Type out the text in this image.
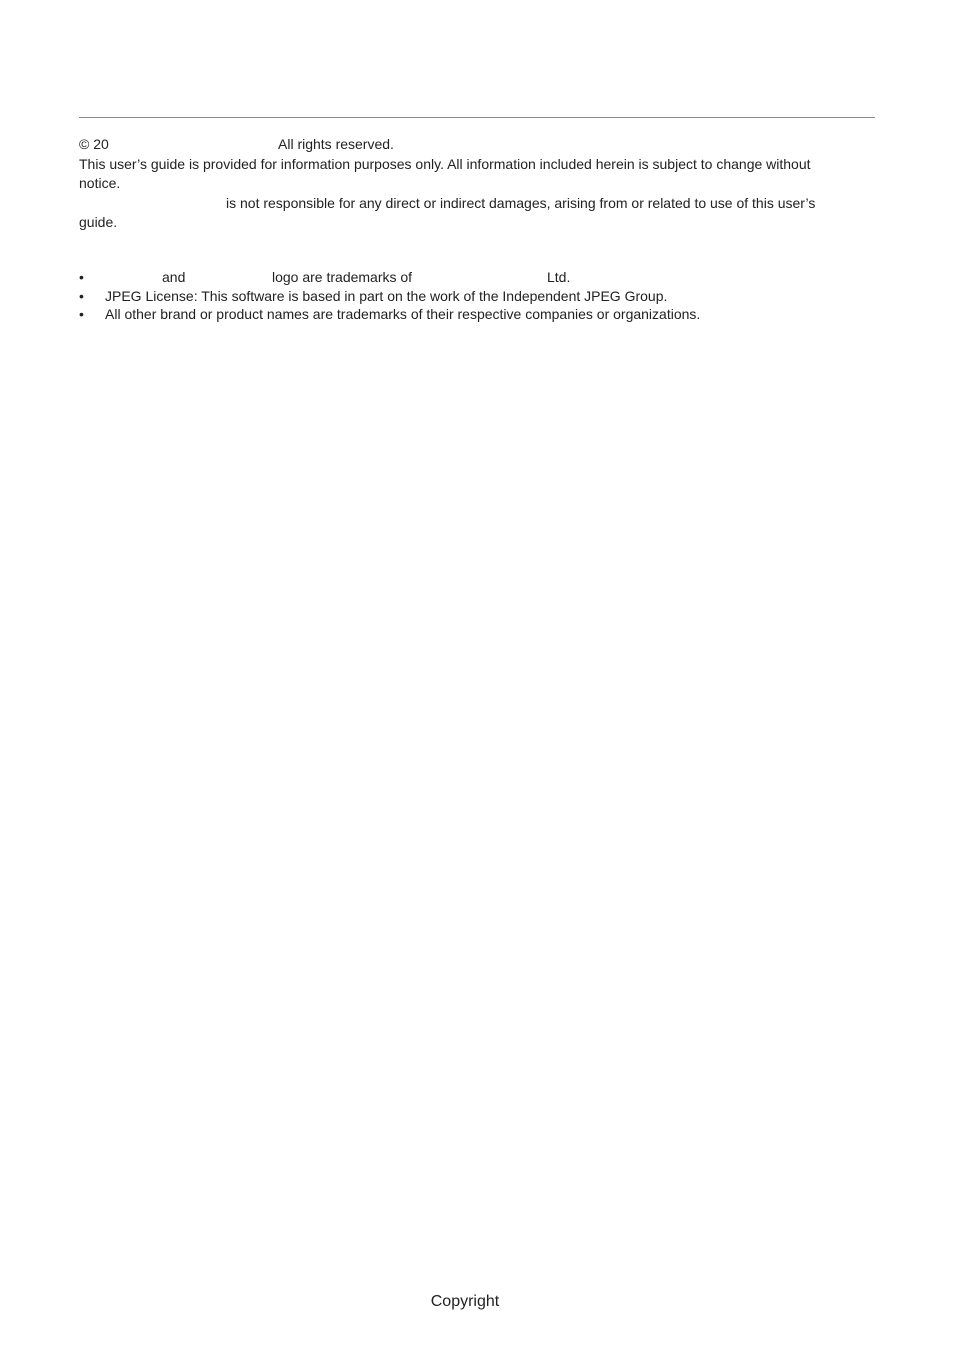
© 20	All rights reserved.
This user’s guide is provided for information purposes only. All information included herein is subject to change without
notice.
is not responsible for any direct or indirect damages, arising from or related to use of this user’s
guide.
•	and	logo are trademarks of	Ltd.
• JPEG License: This software is based in part on the work of the Independent JPEG Group.
• All other brand or product names are trademarks of their respective companies or organizations.
Copyright
